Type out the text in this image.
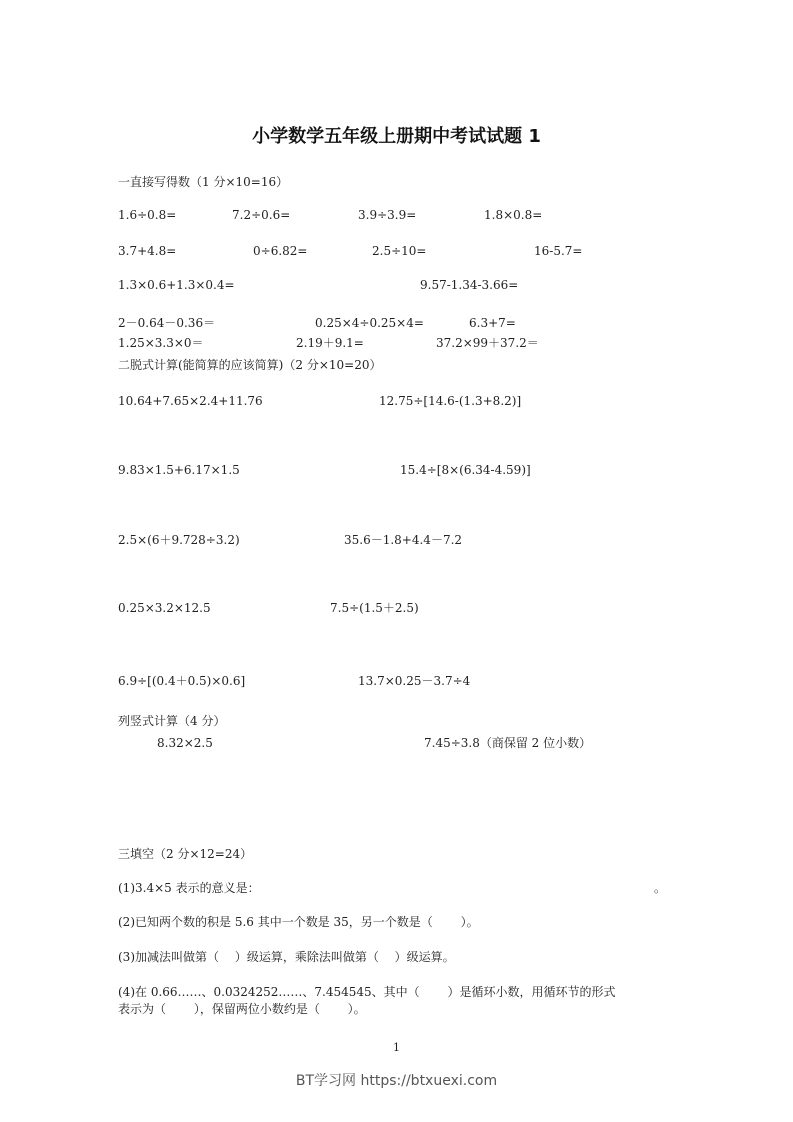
小学数学五年级上册期中考试试题 1
一直接写得数（1 分×10=16）
1.6÷0.8=	7.2÷0.6=	3.9÷3.9=	1.8×0.8=
3.7+4.8=	0÷6.82=	2.5÷10=	16-5.7=
1.3×0.6+1.3×0.4=	9.57-1.34-3.66=
2－0.64－0.36＝	0.25×4÷0.25×4=	6.3+7=
1.25×3.3×0＝	2.19＋9.1=	37.2×99＋37.2＝
二脱式计算(能简算的应该简算)（2 分×10=20）
10.64+7.65×2.4+11.76	12.75÷[14.6-(1.3+8.2)]
9.83×1.5+6.17×1.5	15.4÷[8×(6.34-4.59)]
2.5×(6＋9.728÷3.2)	35.6－1.8+4.4－7.2
0.25×3.2×12.5	7.5÷(1.5＋2.5)
6.9÷[(0.4＋0.5)×0.6]	13.7×0.25－3.7÷4
列竖式计算（4 分）
8.32×2.5	7.45÷3.8（商保留 2 位小数）
三填空（2 分×12=24）
(1)3.4×5 表示的意义是：	。
(2)已知两个数的积是 5.6 其中一个数是 35，另一个数是（　　 ）。
(3)加减法叫做第（　 ）级运算，乘除法叫做第（　 ）级运算。
(4)在 0.66……、0.0324252……、7.454545、其中（　　 ）是循环小数，用循环节的形式
表示为（　　 ），保留两位小数约是（　　 ）。
1
BT学习网 https://btxuexi.com
